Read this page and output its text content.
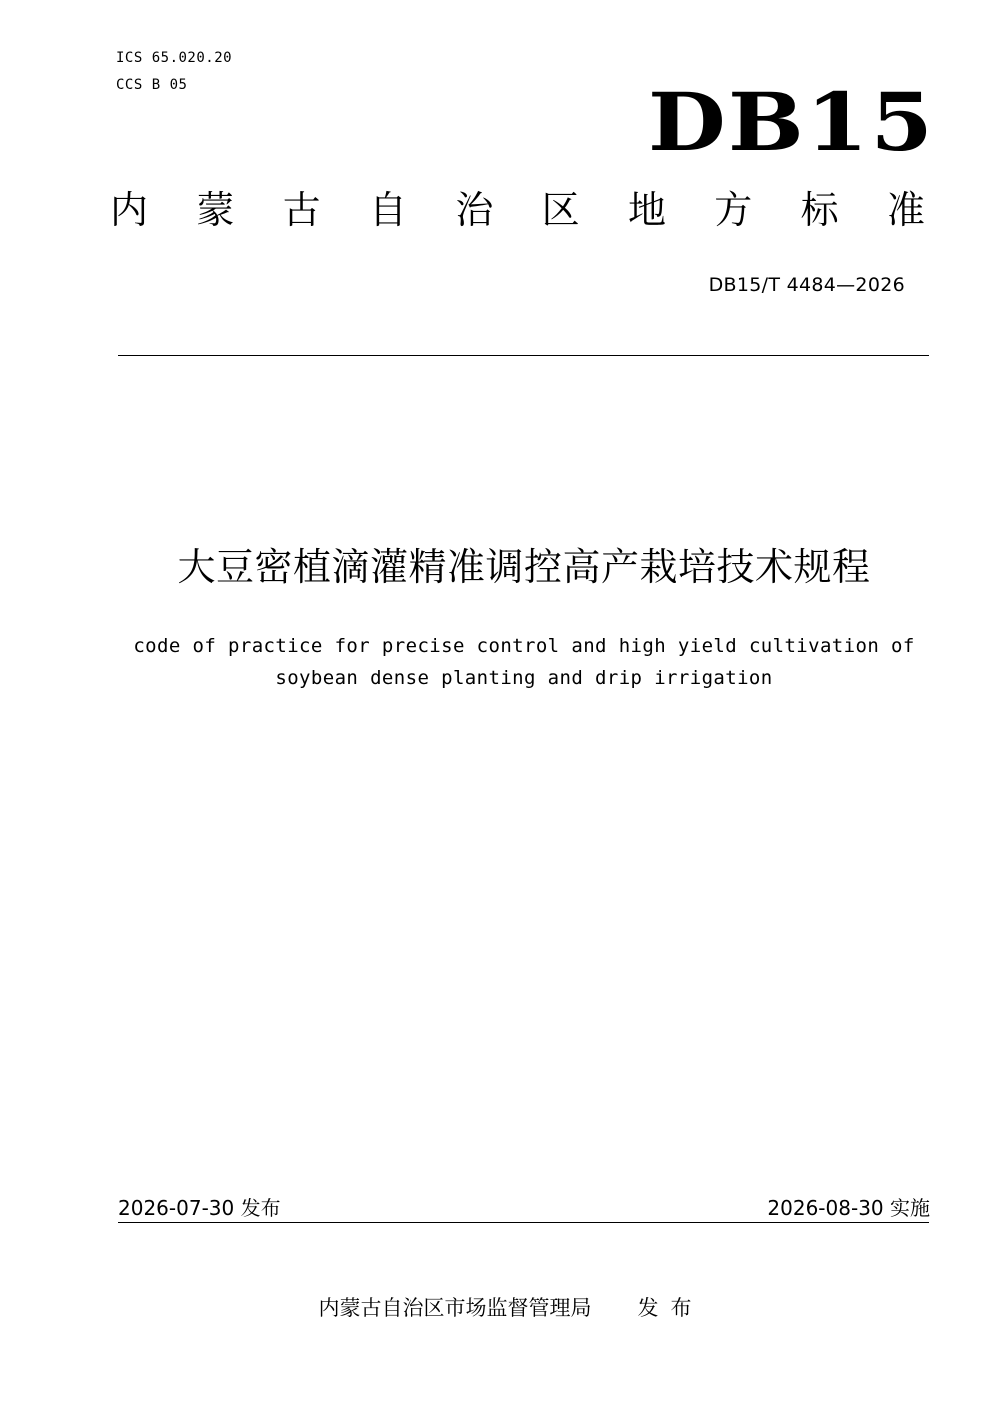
ICS 65.020.20
CCS B 05	DB15
内 蒙 古 自 治 区 地 方 标 准
DB15/T 4484—2026
大豆密植滴灌精准调控高产栽培技术规程
code of practice for precise control and high yield cultivation of
soybean dense planting and drip irrigation
2026-07-30 发布	2026-08-30 实施
内蒙古自治区市场监督管理局 发布
